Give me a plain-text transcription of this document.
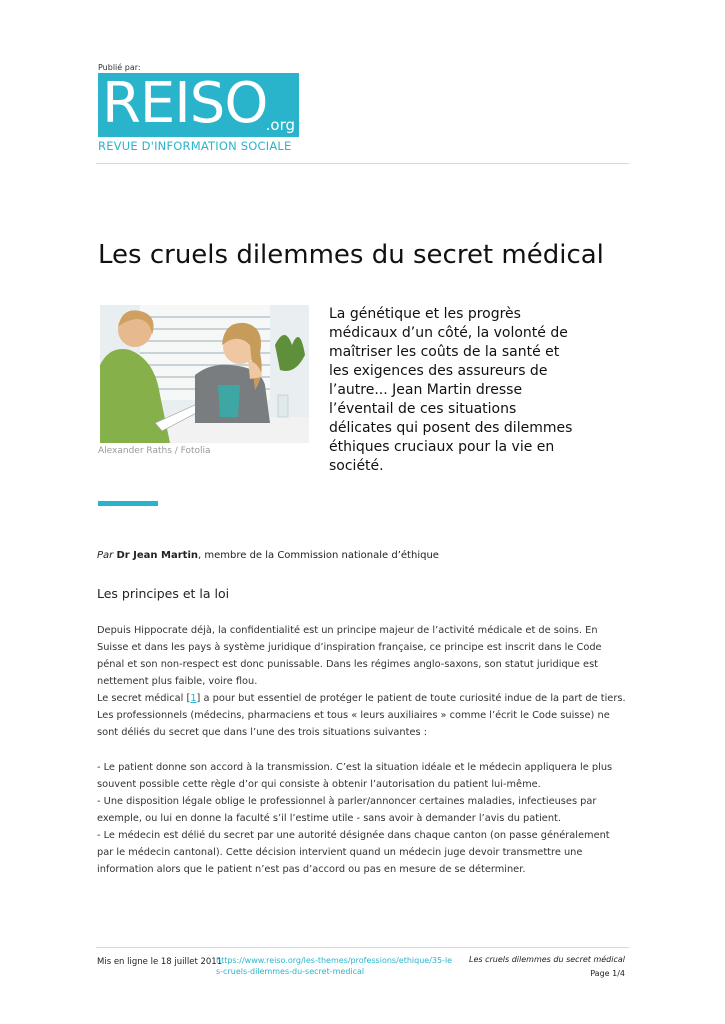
Publié par:
REISO
.org
REVUE D'INFORMATION SOCIALE
Les cruels dilemmes du secret médical
Alexander Raths / Fotolia
La génétique et les progrès médicaux d’un côté, la volonté de maîtriser les coûts de la santé et les exigences des assureurs de l’autre... Jean Martin dresse l’éventail de ces situations délicates qui posent des dilemmes éthiques cruciaux pour la vie en société.
Par Dr Jean Martin, membre de la Commission nationale d’éthique
Les principes et la loi

Depuis Hippocrate déjà, la confidentialité est un principe majeur de l’activité médicale et de soins. En Suisse et dans les pays à système juridique d’inspiration française, ce principe est inscrit dans le Code pénal et son non-respect est donc punissable. Dans les régimes anglo-saxons, son statut juridique est nettement plus faible, voire flou.

Le secret médical [1] a pour but essentiel de protéger le patient de toute curiosité indue de la part de tiers. Les professionnels (médecins, pharmaciens et tous « leurs auxiliaires » comme l’écrit le Code suisse) ne sont déliés du secret que dans l’une des trois situations suivantes :

- Le patient donne son accord à la transmission. C’est la situation idéale et le médecin appliquera le plus souvent possible cette règle d’or qui consiste à obtenir l’autorisation du patient lui-même.
- Une disposition légale oblige le professionnel à parler/annoncer certaines maladies, infectieuses par exemple, ou lui en donne la faculté s’il l’estime utile - sans avoir à demander l’avis du patient.
- Le médecin est délié du secret par une autorité désignée dans chaque canton (on passe généralement par le médecin cantonal). Cette décision intervient quand un médecin juge devoir transmettre une information alors que le patient n’est pas d’accord ou pas en mesure de se déterminer.
Mis en ligne le 18 juillet 2011
https://www.reiso.org/les-themes/professions/ethique/35-les-cruels-dilemmes-du-secret-medical
Les cruels dilemmes du secret médical
Page 1/4
